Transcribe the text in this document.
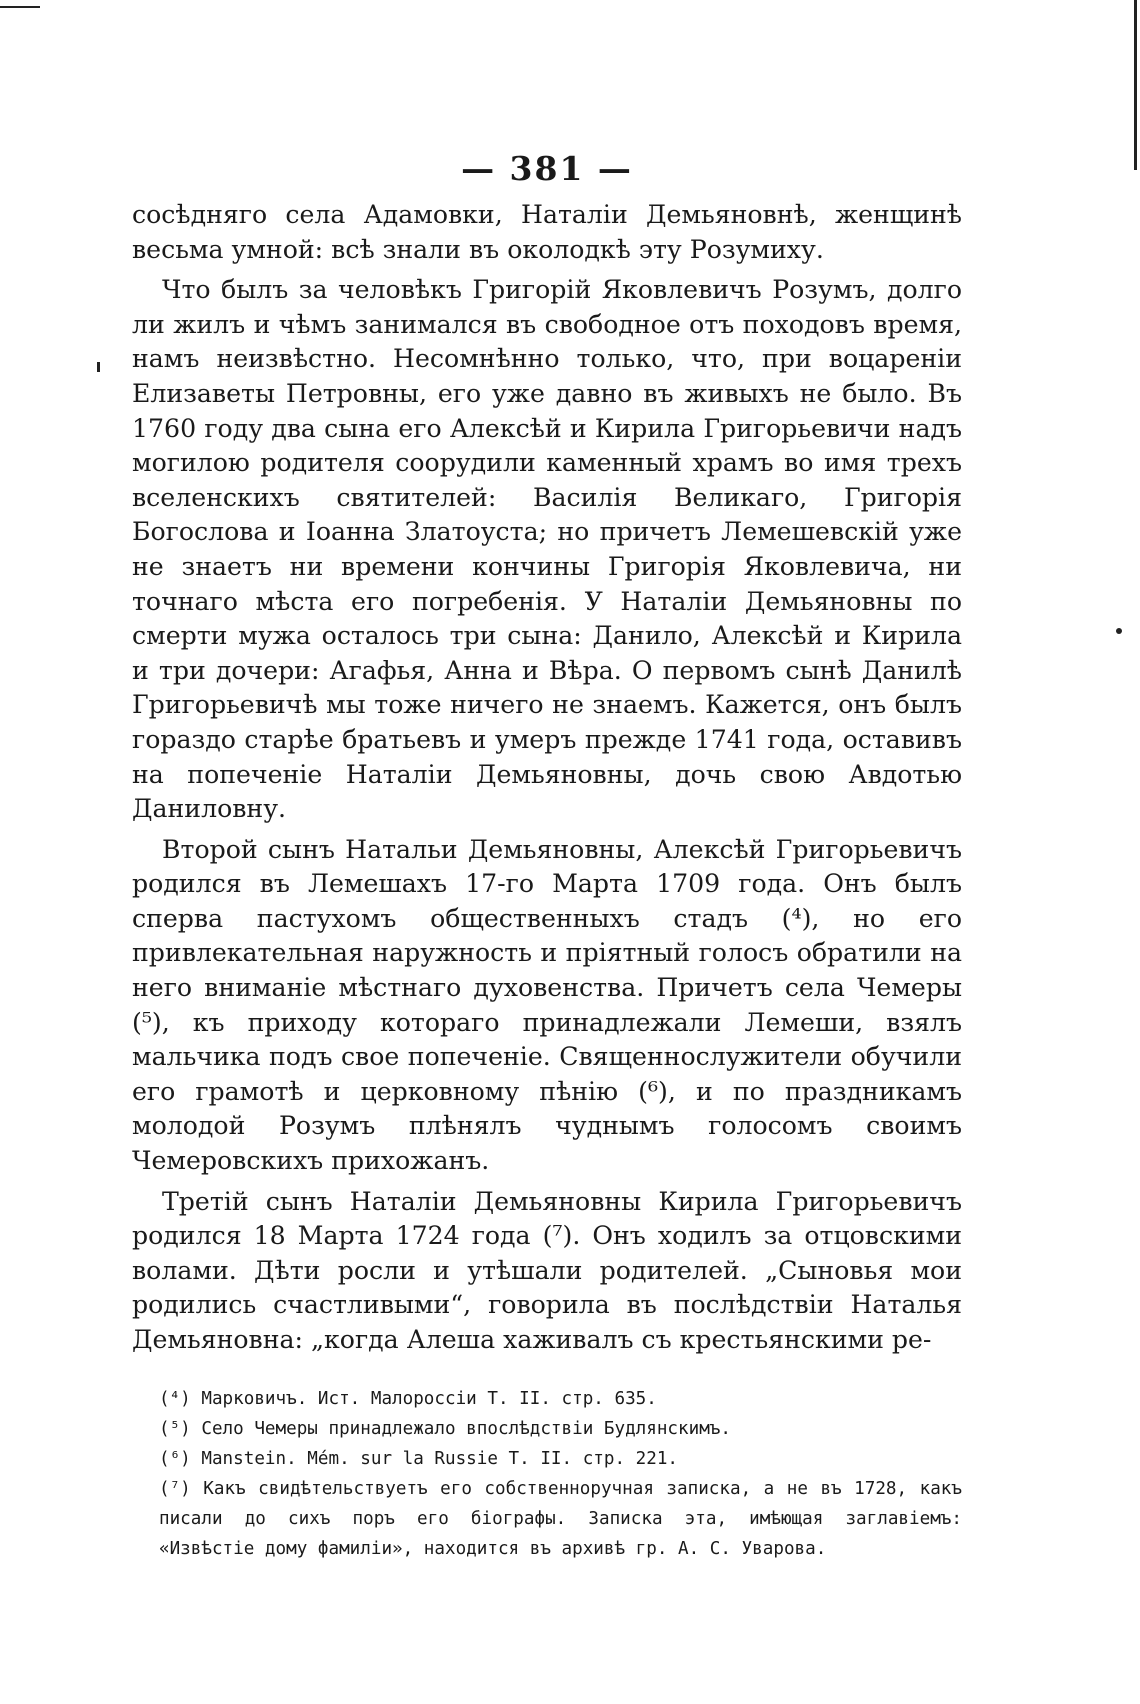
— 381 —

сосѣдняго села Адамовки, Наталіи Демьяновнѣ, женщинѣ весьма умной: всѣ знали въ околодкѣ эту Розумиху.

Что былъ за человѣкъ Григорій Яковлевичъ Розумъ, долго ли жилъ и чѣмъ занимался въ свободное отъ походовъ время, намъ неизвѣстно. Несомнѣнно только, что, при воцареніи Елизаветы Петровны, его уже давно въ живыхъ не было. Въ 1760 году два сына его Алексѣй и Кирила Григорьевичи надъ могилою родителя соорудили каменный храмъ во имя трехъ вселенскихъ святителей: Василія Великаго, Григорія Богослова и Іоанна Златоуста; но причетъ Лемешевскій уже не знаетъ ни времени кончины Григорія Яковлевича, ни точнаго мѣста его погребенія. У Наталіи Демьяновны по смерти мужа осталось три сына: Данило, Алексѣй и Кирила и три дочери: Агафья, Анна и Вѣра. О первомъ сынѣ Данилѣ Григорьевичѣ мы тоже ничего не знаемъ. Кажется, онъ былъ гораздо старѣе братьевъ и умеръ прежде 1741 года, оставивъ на попеченіе Наталіи Демьяновны, дочь свою Авдотью Даниловну.

Второй сынъ Натальи Демьяновны, Алексѣй Григорьевичъ родился въ Лемешахъ 17-го Марта 1709 года. Онъ былъ сперва пастухомъ общественныхъ стадъ (⁴), но его привлекательная наружность и пріятный голосъ обратили на него вниманіе мѣстнаго духовенства. Причетъ села Чемеры (⁵), къ приходу котораго принадлежали Лемеши, взялъ мальчика подъ свое попеченіе. Священнослужители обучили его грамотѣ и церковному пѣнію (⁶), и по праздникамъ молодой Розумъ плѣнялъ чуднымъ голосомъ своимъ Чемеровскихъ прихожанъ.

Третій сынъ Наталіи Демьяновны Кирила Григорьевичъ родился 18 Марта 1724 года (⁷). Онъ ходилъ за отцовскими волами. Дѣти росли и утѣшали родителей. „Сыновья мои родились счастливыми“, говорила въ послѣдствіи Наталья Демьяновна: „когда Алеша хаживалъ съ крестьянскими ре-

(⁴) Марковичъ. Ист. Малороссіи Т. II. стр. 635.

(⁵) Село Чемеры принадлежало впослѣдствіи Будлянскимъ.

(⁶) Manstein. Mém. sur la Russie T. II. стр. 221.

(⁷) Какъ свидѣтельствуетъ его собственноручная записка, а не въ 1728, какъ писали до сихъ поръ его біографы. Записка эта, имѣющая заглавіемъ: «Извѣстіе дому фамиліи», находится въ архивѣ гр. А. С. Уварова.
